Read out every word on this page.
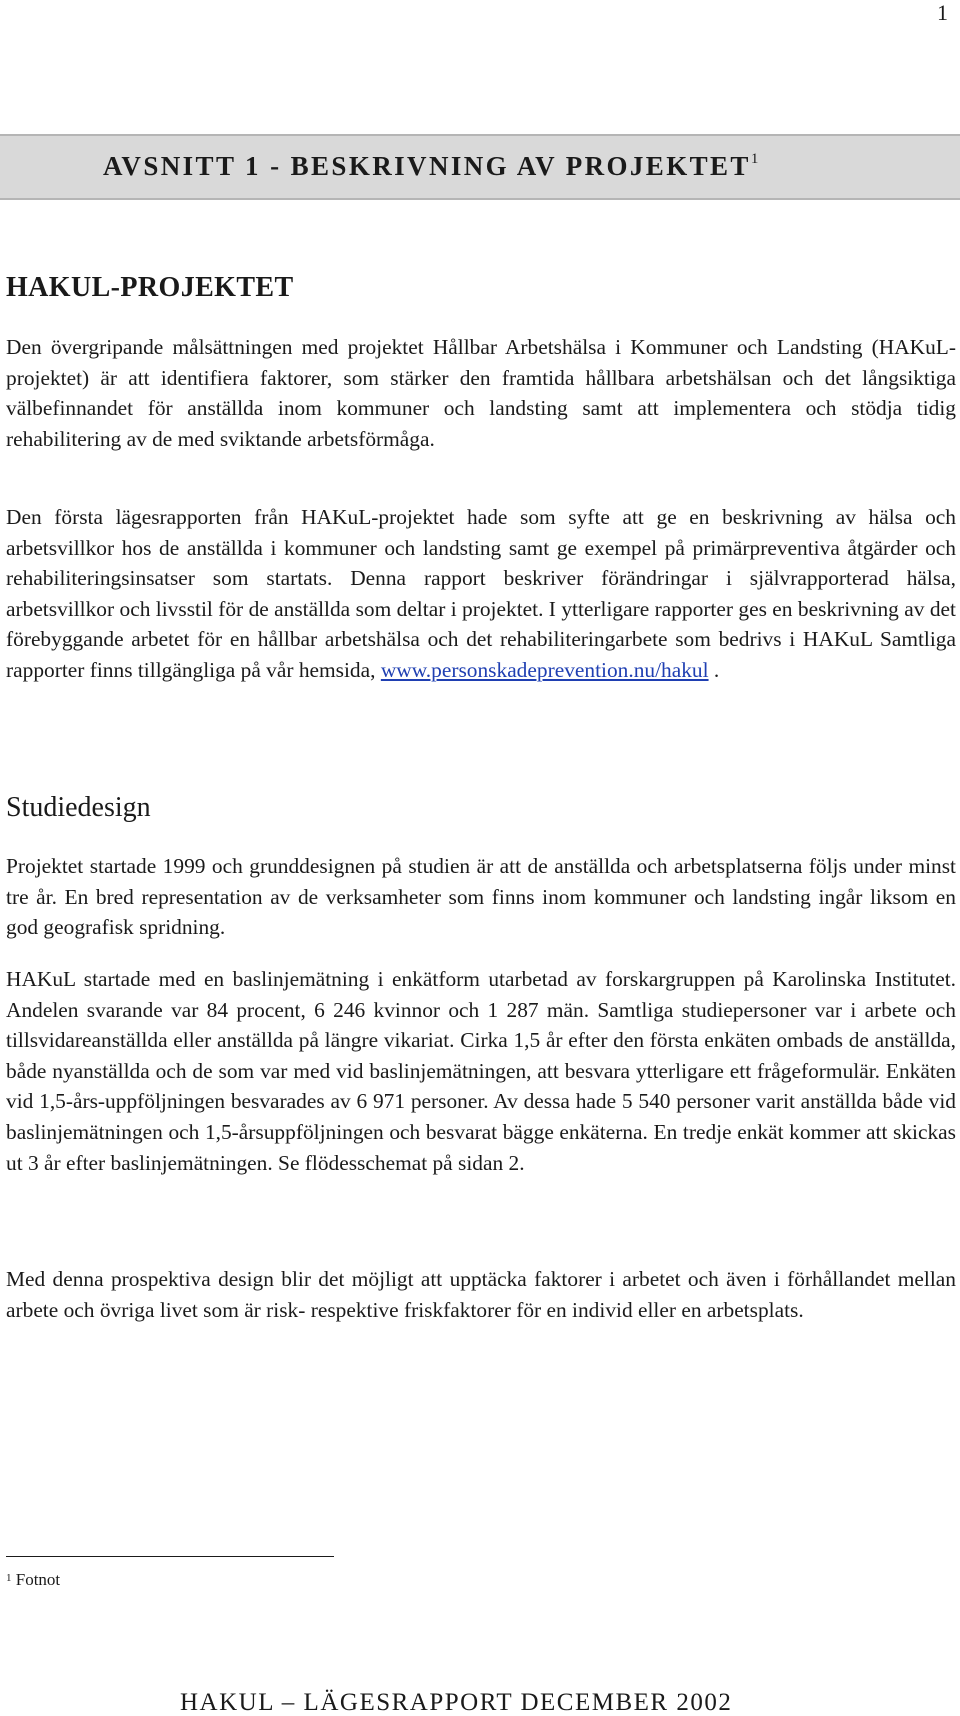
1
AVSNITT 1 - BESKRIVNING AV PROJEKTET$^1$
HAKUL-PROJEKTET

Den övergripande målsättningen med projektet Hållbar Arbetshälsa i Kommuner och Landsting (HAKuL-projektet) är att identifiera faktorer, som stärker den framtida hållbara arbetshälsan och det långsiktiga välbefinnandet för anställda inom kommuner och landsting samt att implementera och stödja tidig rehabilitering av de med sviktande arbetsförmåga.

Den första lägesrapporten från HAKuL-projektet hade som syfte att ge en beskrivning av hälsa och arbetsvillkor hos de anställda i kommuner och landsting samt ge exempel på primärpreventiva åtgärder och rehabiliteringsinsatser som startats. Denna rapport beskriver förändringar i självrapporterad hälsa, arbetsvillkor och livsstil för de anställda som deltar i projektet. I ytterligare rapporter ges en beskrivning av det förebyggande arbetet för en hållbar arbetshälsa och det rehabiliteringarbete som bedrivs i HAKuL Samtliga rapporter finns tillgängliga på vår hemsida, www.personskadeprevention.nu/hakul .

Studiedesign

Projektet startade 1999 och grunddesignen på studien är att de anställda och arbetsplatserna följs under minst tre år. En bred representation av de verksamheter som finns inom kommuner och landsting ingår liksom en god geografisk spridning.

HAKuL startade med en baslinjemätning i enkätform utarbetad av forskargruppen på Karolinska Institutet. Andelen svarande var 84 procent, 6 246 kvinnor och 1 287 män. Samtliga studiepersoner var i arbete och tillsvidareanställda eller anställda på längre vikariat. Cirka 1,5 år efter den första enkäten ombads de anställda, både nyanställda och de som var med vid baslinjemätningen, att besvara ytterligare ett frågeformulär. Enkäten vid 1,5-års-uppföljningen besvarades av 6 971 personer. Av dessa hade 5 540 personer varit anställda både vid baslinjemätningen och 1,5-årsuppföljningen och besvarat bägge enkäterna. En tredje enkät kommer att skickas ut 3 år efter baslinjemätningen. Se flödesschemat på sidan 2.

Med denna prospektiva design blir det möjligt att upptäcka faktorer i arbetet och även i förhållandet mellan arbete och övriga livet som är risk- respektive friskfaktorer för en individ eller en arbetsplats.

$^1$ Fotnot
HAKUL – LÄGESRAPPORT DECEMBER 2002
